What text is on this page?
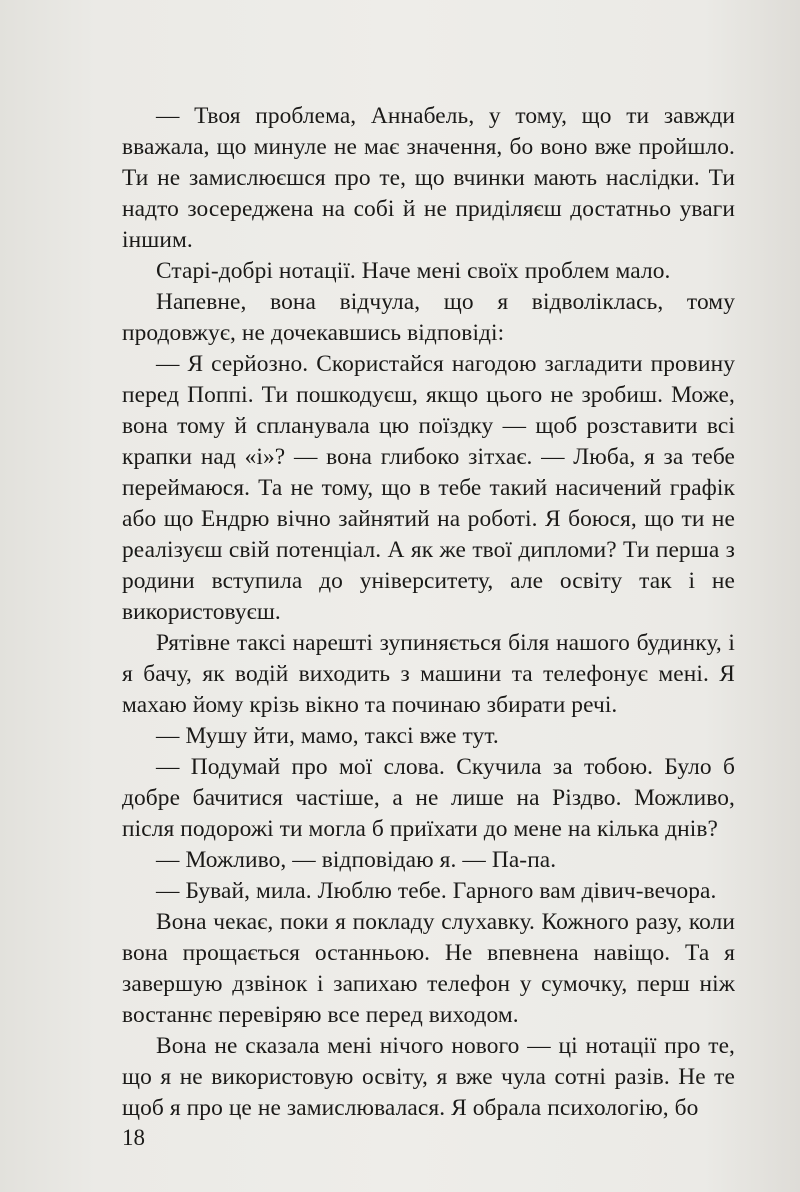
— Твоя проблема, Аннабель, у тому, що ти завжди вважала, що минуле не має значення, бо воно вже пройшло. Ти не замислюєшся про те, що вчинки мають наслідки. Ти надто зосереджена на собі й не приділяєш достатньо уваги іншим.

Старі-добрі нотації. Наче мені своїх проблем мало.

Напевне, вона відчула, що я відволіклась, тому продовжує, не дочекавшись відповіді:

— Я серйозно. Скористайся нагодою загладити провину перед Поппі. Ти пошкодуєш, якщо цього не зробиш. Може, вона тому й спланувала цю поїздку — щоб розставити всі крапки над «і»? — вона глибоко зітхає. — Люба, я за тебе переймаюся. Та не тому, що в тебе такий насичений графік або що Ендрю вічно зайнятий на роботі. Я боюся, що ти не реалізуєш свій потенціал. А як же твої дипломи? Ти перша з родини вступила до університету, але освіту так і не використовуєш.

Рятівне таксі нарешті зупиняється біля нашого будинку, і я бачу, як водій виходить з машини та телефонує мені. Я махаю йому крізь вікно та починаю збирати речі.

— Мушу йти, мамо, таксі вже тут.

— Подумай про мої слова. Скучила за тобою. Було б добре бачитися частіше, а не лише на Різдво. Можливо, після подорожі ти могла б приїхати до мене на кілька днів?

— Можливо, — відповідаю я. — Па-па.

— Бувай, мила. Люблю тебе. Гарного вам дівич-вечора.

Вона чекає, поки я покладу слухавку. Кожного разу, коли вона прощається останньою. Не впевнена навіщо. Та я завершую дзвінок і запихаю телефон у сумочку, перш ніж востаннє перевіряю все перед виходом.

Вона не сказала мені нічого нового — ці нотації про те, що я не використовую освіту, я вже чула сотні разів. Не те щоб я про це не замислювалася. Я обрала психологію, бо

18
